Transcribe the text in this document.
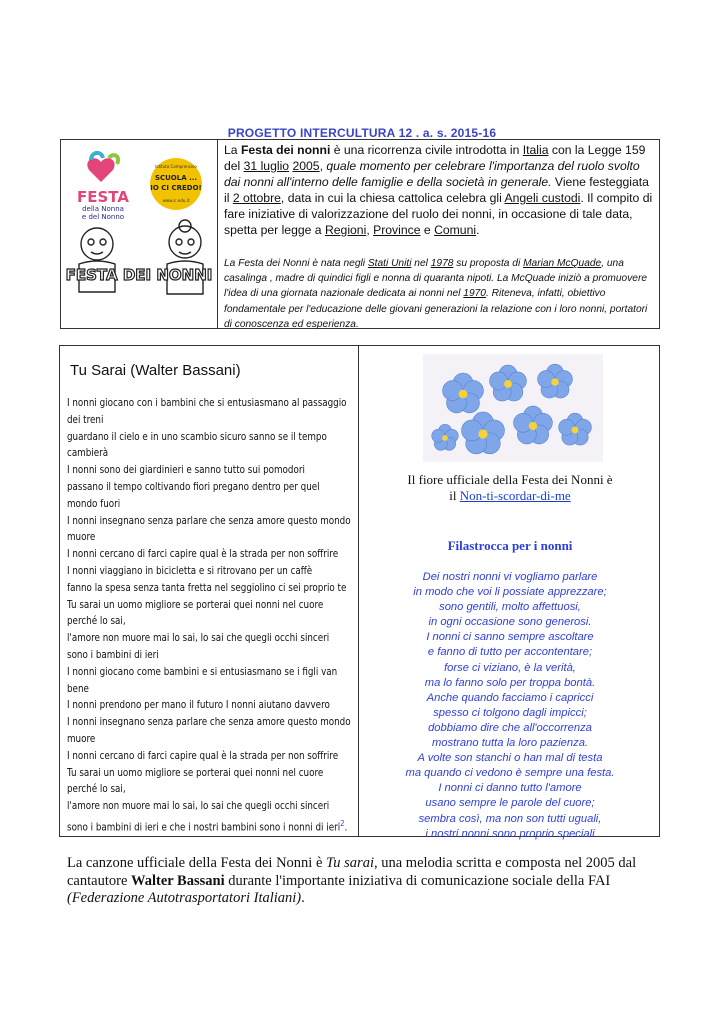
PROGETTO INTERCULTURA 12 . a. s. 2015-16
FESTA
della Nonna
e del Nonno
Istituto Comprensivo
SCUOLA ...
IO CI CREDO!
www.ic.edu.it
FESTA DEI NONNI
La Festa dei nonni è una ricorrenza civile introdotta in Italia con la Legge 159 del 31 luglio 2005, quale momento per celebrare l'importanza del ruolo svolto dai nonni all'interno delle famiglie e della società in generale. Viene festeggiata il 2 ottobre, data in cui la chiesa cattolica celebra gli Angeli custodi. Il compito di fare iniziative di valorizzazione del ruolo dei nonni, in occasione di tale data, spetta per legge a Regioni, Province e Comuni.
La Festa dei Nonni è nata negli Stati Uniti nel 1978 su proposta di Marian McQuade, una casalinga , madre di quindici figli e nonna di quaranta nipoti. La McQuade iniziò a promuovere l'idea di una giornata nazionale dedicata ai nonni nel 1970. Riteneva, infatti, obiettivo fondamentale per l'educazione delle giovani generazioni la relazione con i loro nonni, portatori di conoscenza ed esperienza.
Tu Sarai (Walter Bassani)
I nonni giocano con i bambini che si entusiasmano al passaggio
dei treni
guardano il cielo e in uno scambio sicuro sanno se il tempo
cambierà
I nonni sono dei giardinieri e sanno tutto sui pomodori
passano il tempo coltivando fiori pregano dentro per quel
mondo fuori
I nonni insegnano senza parlare che senza amore questo mondo
muore
I nonni cercano di farci capire qual è la strada per non soffrire
I nonni viaggiano in bicicletta e si ritrovano per un caffè
fanno la spesa senza tanta fretta nel seggiolino ci sei proprio te
Tu sarai un uomo migliore se porterai quei nonni nel cuore
perché lo sai,
l'amore non muore mai lo sai, lo sai che quegli occhi sinceri
sono i bambini di ieri
I nonni giocano come bambini e si entusiasmano se i figli van
bene
I nonni prendono per mano il futuro I nonni aiutano davvero
I nonni insegnano senza parlare che senza amore questo mondo
muore
I nonni cercano di farci capire qual è la strada per non soffrire
Tu sarai un uomo migliore se porterai quei nonni nel cuore
perché lo sai,
l'amore non muore mai lo sai, lo sai che quegli occhi sinceri
sono i bambini di ieri e che i nostri bambini sono i nonni di ieri$^2$.
Il fiore ufficiale della Festa dei Nonni è
il Non-ti-scordar-di-me
Filastrocca per i nonni
Dei nostri nonni vi vogliamo parlare
in modo che voi li possiate apprezzare;
sono gentili, molto affettuosi,
in ogni occasione sono generosi.
I nonni ci sanno sempre ascoltare
e fanno di tutto per accontentare;
forse ci viziano, è la verità,
ma lo fanno solo per troppa bontà.
Anche quando facciamo i capricci
spesso ci tolgono dagli impicci;
dobbiamo dire che all'occorrenza
mostrano tutta la loro pazienza.
A volte son stanchi o han mal di testa
ma quando ci vedono è sempre una festa.
I nonni ci danno tutto l'amore
usano sempre le parole del cuore;
sembra così, ma non son tutti uguali,
i nostri nonni sono proprio speciali
La canzone ufficiale della Festa dei Nonni è Tu sarai, una melodia scritta e composta nel 2005 dal cantautore Walter Bassani durante l'importante iniziativa di comunicazione sociale della FAI (Federazione Autotrasportatori Italiani).
